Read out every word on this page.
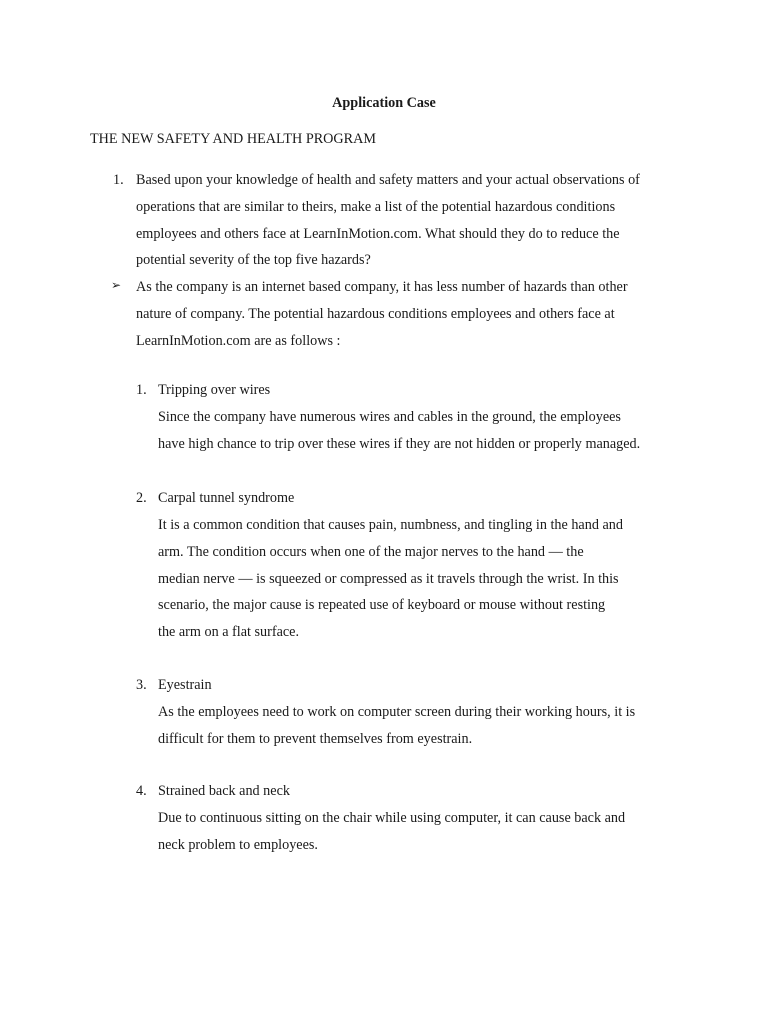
Application Case
THE NEW SAFETY AND HEALTH PROGRAM
1. Based upon your knowledge of health and safety matters and your actual observations of
operations that are similar to theirs, make a list of the potential hazardous conditions
employees and others face at LearnInMotion.com. What should they do to reduce the
potential severity of the top five hazards?
➢ As the company is an internet based company, it has less number of hazards than other
nature of company. The potential hazardous conditions employees and others face at
LearnInMotion.com are as follows :
1. Tripping over wires
Since the company have numerous wires and cables in the ground, the employees
have high chance to trip over these wires if they are not hidden or properly managed.
2. Carpal tunnel syndrome
It is a common condition that causes pain, numbness, and tingling in the hand and
arm. The condition occurs when one of the major nerves to the hand — the
median nerve — is squeezed or compressed as it travels through the wrist. In this
scenario, the major cause is repeated use of keyboard or mouse without resting
the arm on a flat surface.
3. Eyestrain
As the employees need to work on computer screen during their working hours, it is
difficult for them to prevent themselves from eyestrain.
4. Strained back and neck
Due to continuous sitting on the chair while using computer, it can cause back and
neck problem to employees.
